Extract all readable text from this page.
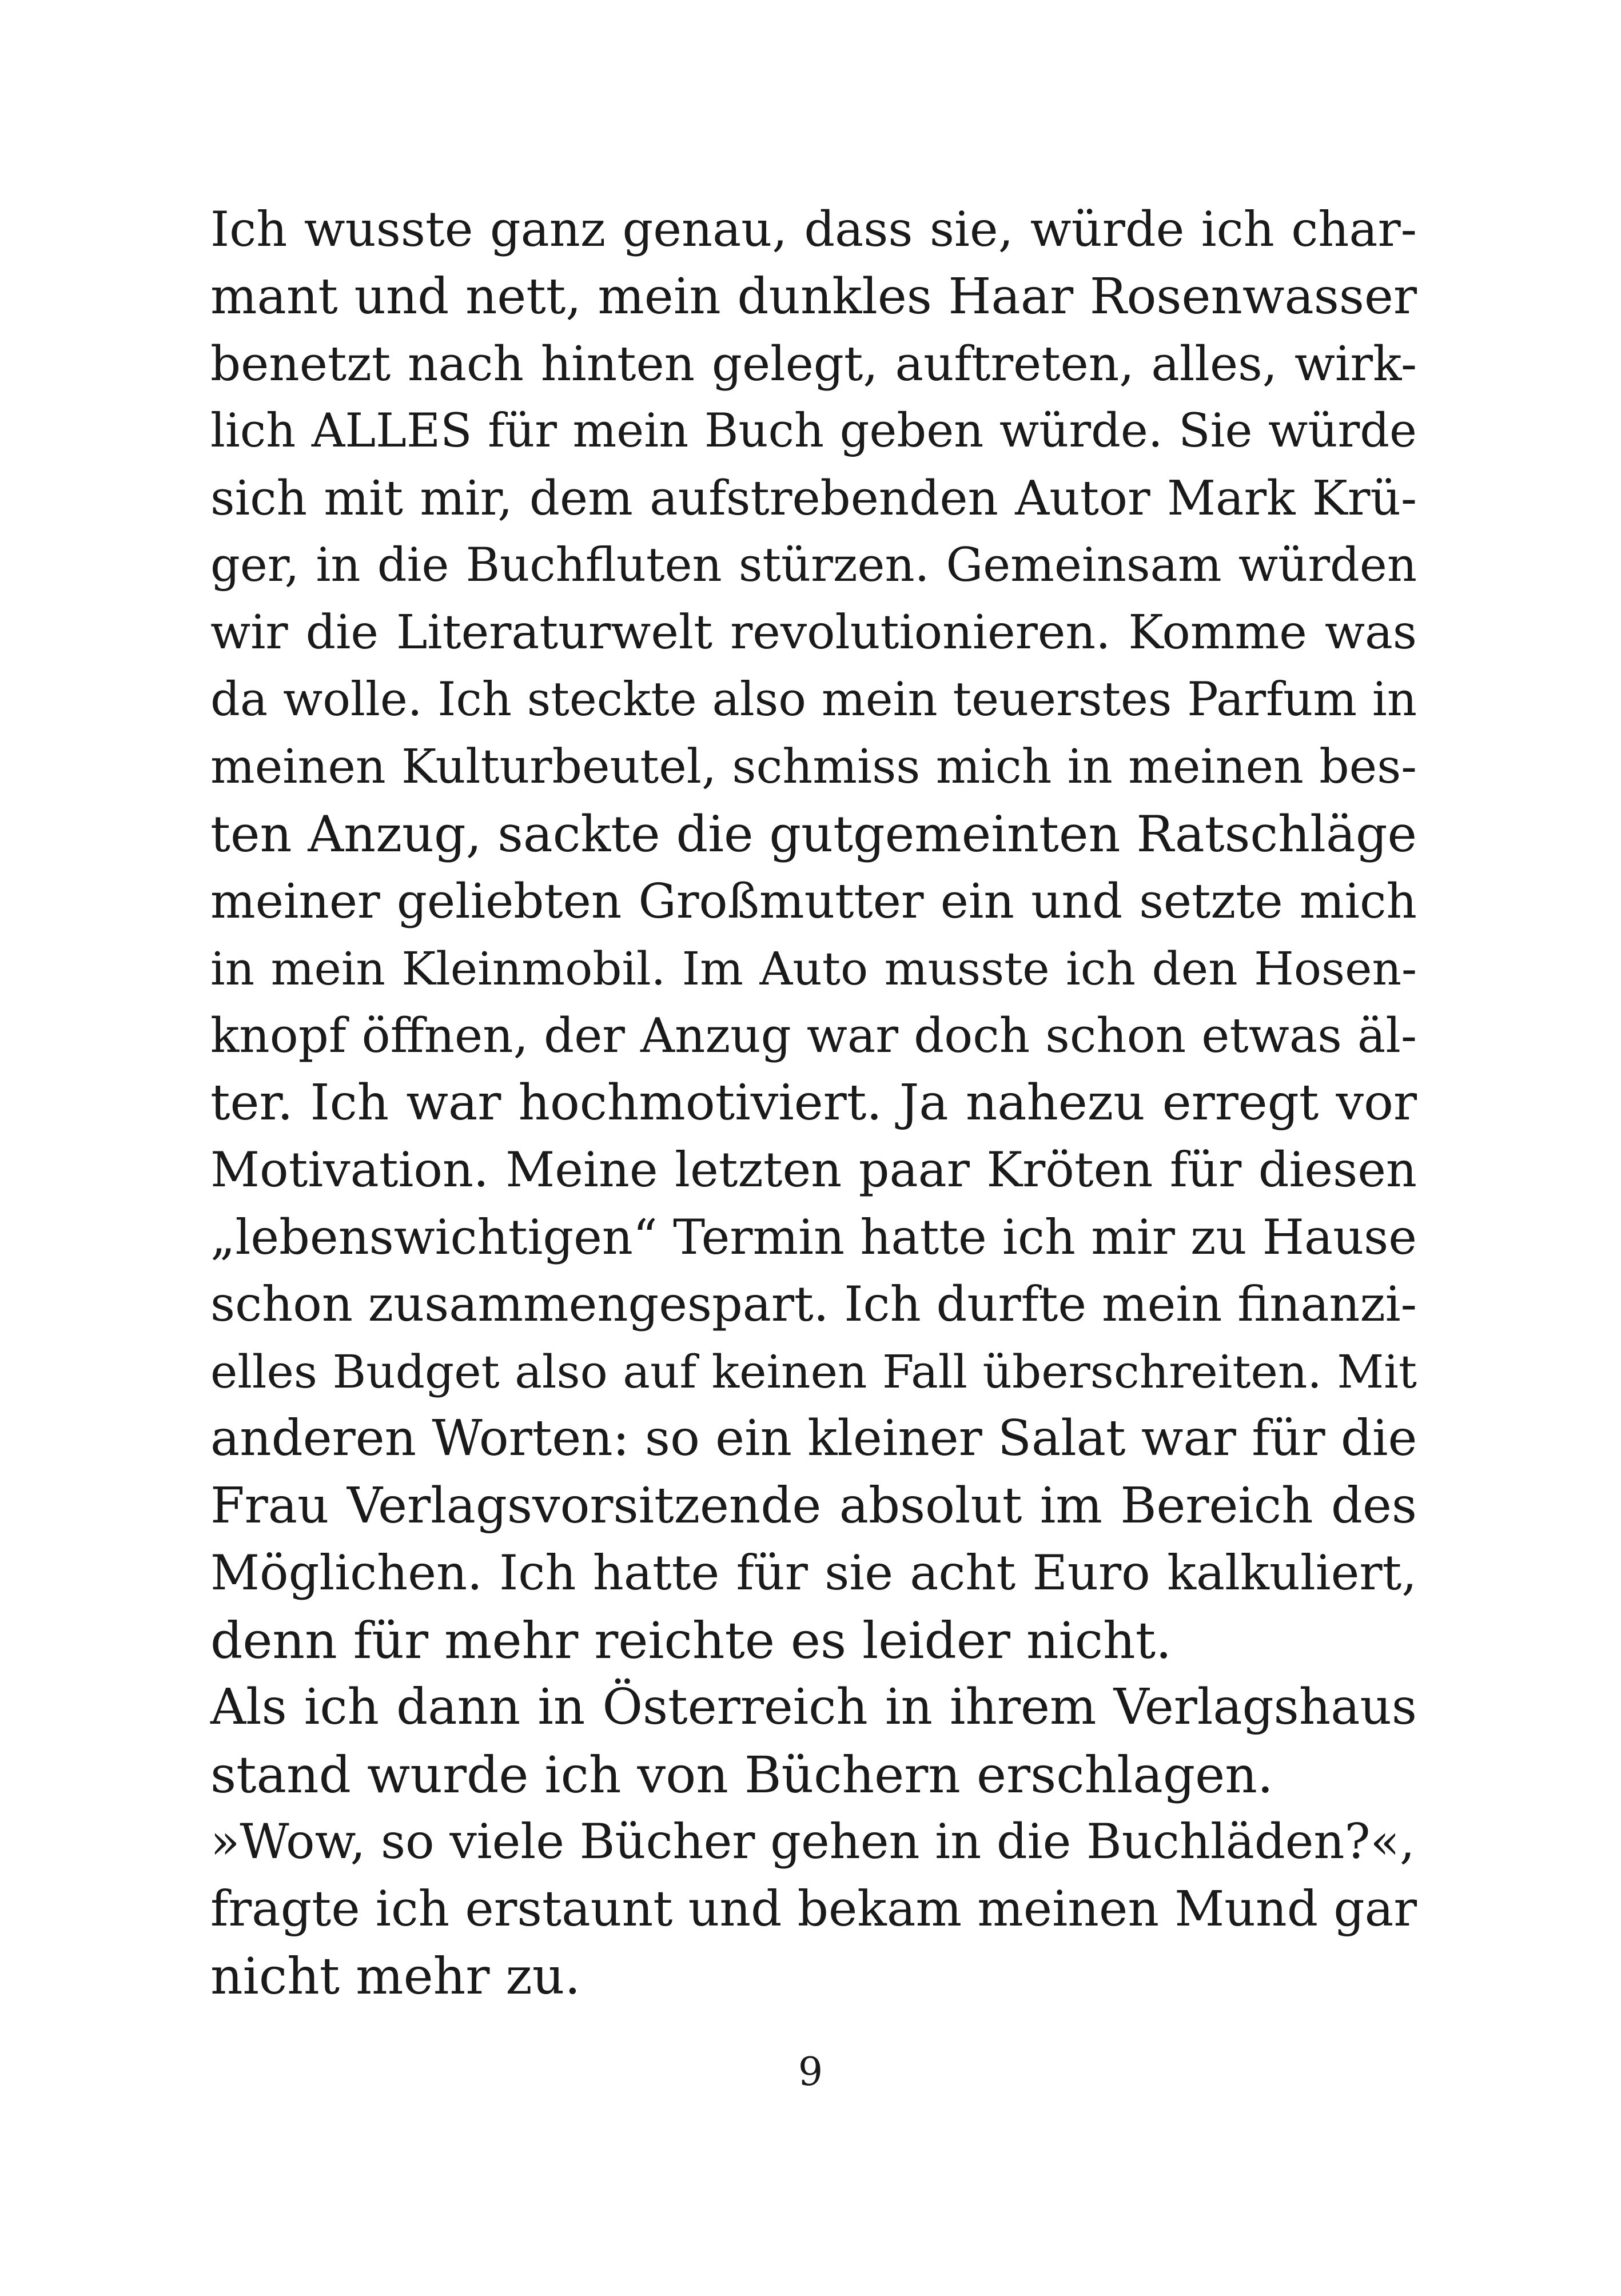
Ich wusste ganz genau, dass sie, würde ich char-
mant und nett, mein dunkles Haar Rosenwasser
benetzt nach hinten gelegt, auftreten, alles, wirk-
lich ALLES für mein Buch geben würde. Sie würde
sich mit mir, dem aufstrebenden Autor Mark Krü-
ger, in die Buchfluten stürzen. Gemeinsam würden
wir die Literaturwelt revolutionieren. Komme was
da wolle. Ich steckte also mein teuerstes Parfum in
meinen Kulturbeutel, schmiss mich in meinen bes-
ten Anzug, sackte die gutgemeinten Ratschläge
meiner geliebten Großmutter ein und setzte mich
in mein Kleinmobil. Im Auto musste ich den Hosen-
knopf öffnen, der Anzug war doch schon etwas äl-
ter. Ich war hochmotiviert. Ja nahezu erregt vor
Motivation. Meine letzten paar Kröten für diesen
„lebenswichtigen“ Termin hatte ich mir zu Hause
schon zusammengespart. Ich durfte mein finanzi-
elles Budget also auf keinen Fall überschreiten. Mit
anderen Worten: so ein kleiner Salat war für die
Frau Verlagsvorsitzende absolut im Bereich des
Möglichen. Ich hatte für sie acht Euro kalkuliert,
denn für mehr reichte es leider nicht.
Als ich dann in Österreich in ihrem Verlagshaus
stand wurde ich von Büchern erschlagen.
»Wow, so viele Bücher gehen in die Buchläden?«,
fragte ich erstaunt und bekam meinen Mund gar
nicht mehr zu.
9
